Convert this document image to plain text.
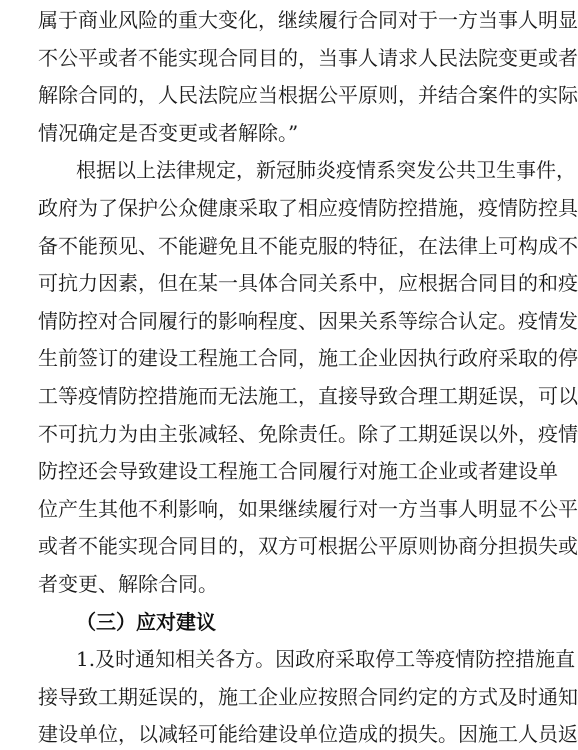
属于商业风险的重大变化，继续履行合同对于一方当事人明显
不公平或者不能实现合同目的，当事人请求人民法院变更或者
解除合同的，人民法院应当根据公平原则，并结合案件的实际
情况确定是否变更或者解除。”
根据以上法律规定，新冠肺炎疫情系突发公共卫生事件，
政府为了保护公众健康采取了相应疫情防控措施，疫情防控具
备不能预见、不能避免且不能克服的特征，在法律上可构成不
可抗力因素，但在某一具体合同关系中，应根据合同目的和疫
情防控对合同履行的影响程度、因果关系等综合认定。疫情发
生前签订的建设工程施工合同，施工企业因执行政府采取的停
工等疫情防控措施而无法施工，直接导致合理工期延误，可以
不可抗力为由主张减轻、免除责任。除了工期延误以外，疫情
防控还会导致建设工程施工合同履行对施工企业或者建设单
位产生其他不利影响，如果继续履行对一方当事人明显不公平
或者不能实现合同目的，双方可根据公平原则协商分担损失或
者变更、解除合同。
（三）应对建议
1.及时通知相关各方。因政府采取停工等疫情防控措施直
接导致工期延误的，施工企业应按照合同约定的方式及时通知
建设单位，以减轻可能给建设单位造成的损失。因施工人员返
